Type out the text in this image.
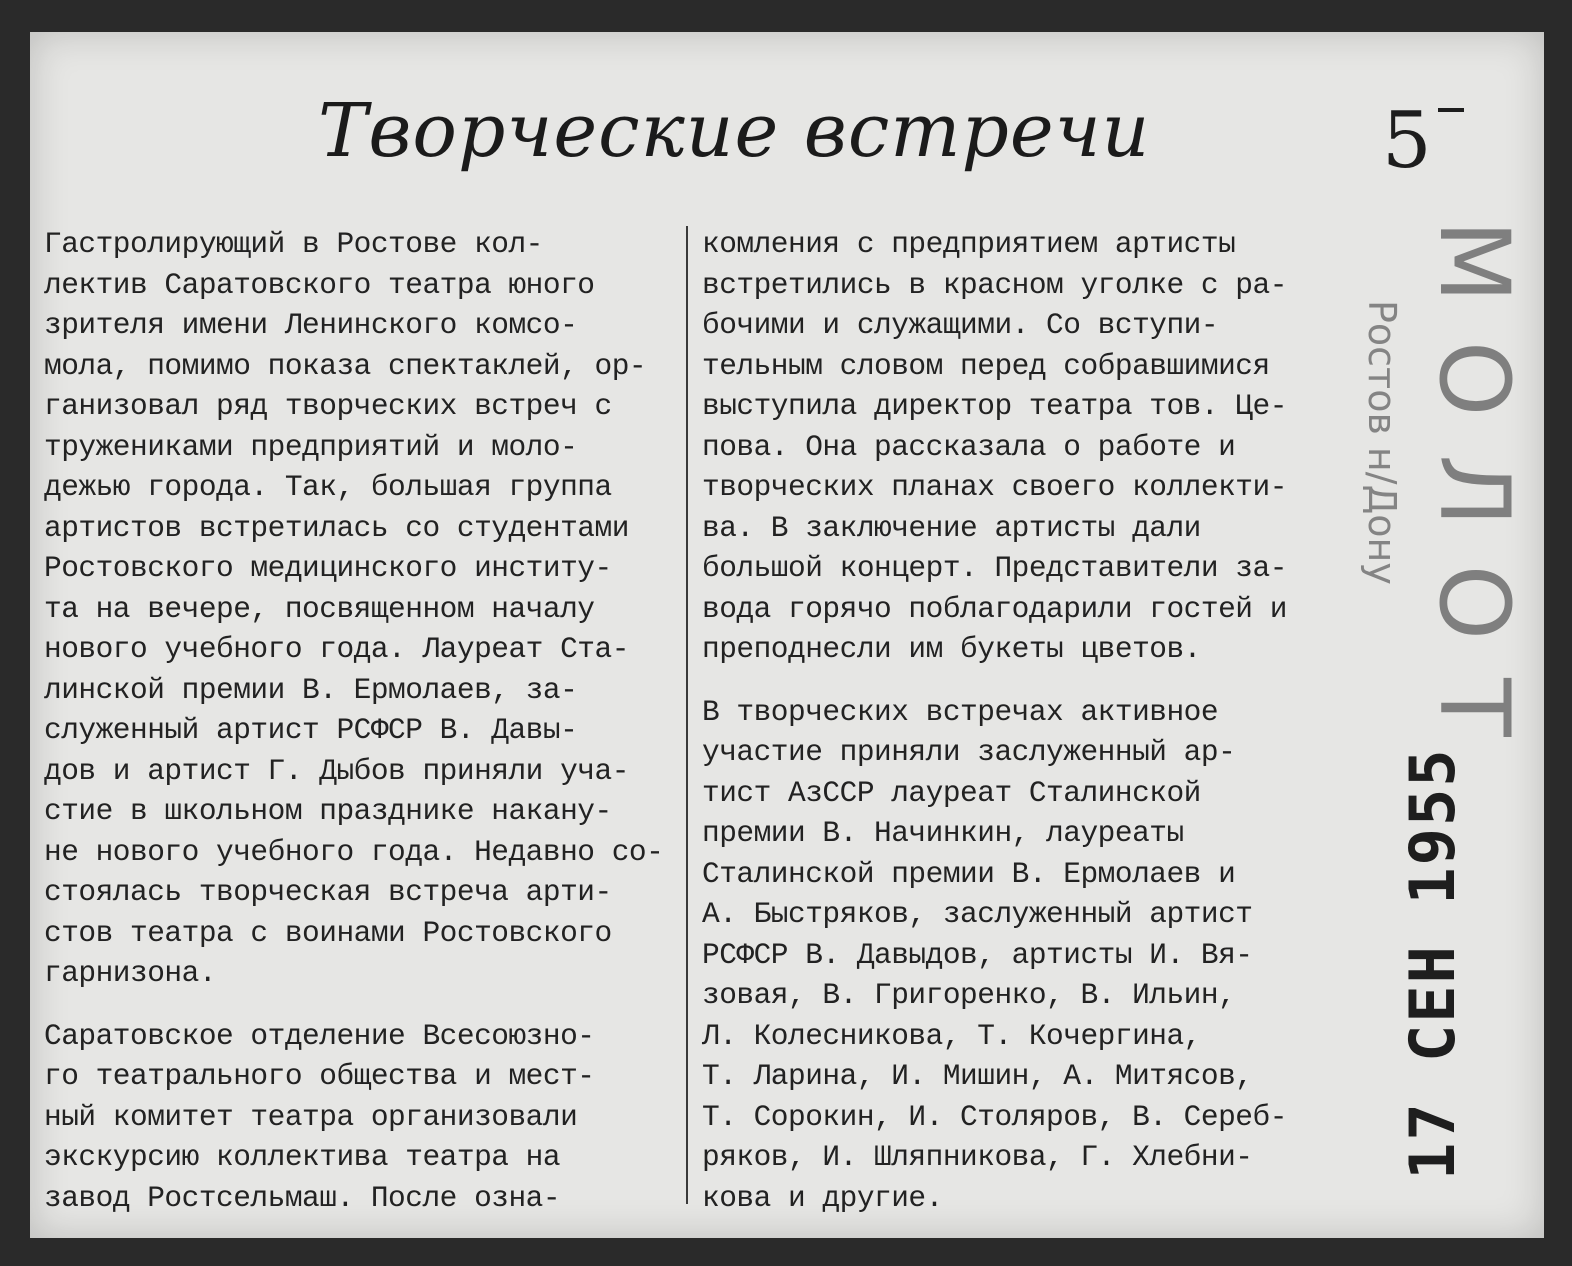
Творческие встречи	5

Гастролирующий в Ростове кол-

лектив Саратовского театра юного

зрителя имени Ленинского комсо-

мола, помимо показа спектаклей, ор-

ганизовал ряд творческих встреч с

тружениками предприятий и моло-

дежью города. Так, большая группа

артистов встретилась со студентами

Ростовского медицинского институ-

та на вечере, посвященном началу

нового учебного года. Лауреат Ста-

линской премии В. Ермолаев, за-

служенный артист РСФСР В. Давы-

дов и артист Г. Дыбов приняли уча-

стие в школьном празднике накану-

не нового учебного года. Недавно со-

стоялась творческая встреча арти-

стов театра с воинами Ростовского

гарнизона.

Саратовское отделение Всесоюзно-

го театрального общества и мест-

ный комитет театра организовали

экскурсию коллектива театра на

завод Ростсельмаш. После озна-

комления с предприятием артисты

встретились в красном уголке с ра-

бочими и служащими. Со вступи-

тельным словом перед собравшимися

выступила директор театра тов. Це-

пова. Она рассказала о работе и

творческих планах своего коллекти-

ва. В заключение артисты дали

большой концерт. Представители за-

вода горячо поблагодарили гостей и

преподнесли им букеты цветов.

В творческих встречах активное

участие приняли заслуженный ар-

тист АзССР лауреат Сталинской

премии В. Начинкин, лауреаты

Сталинской премии В. Ермолаев и

А. Быстряков, заслуженный артист

РСФСР В. Давыдов, артисты И. Вя-

зовая, В. Григоренко, В. Ильин,

Л. Колесникова, Т. Кочергина,

Т. Ларина, И. Мишин, А. Митясов,

Т. Сорокин, И. Столяров, В. Сереб-

ряков, И. Шляпникова, Г. Хлебни-

кова и другие.

МОЛОТ
Ростов н/Дону
17 СЕН 1955
